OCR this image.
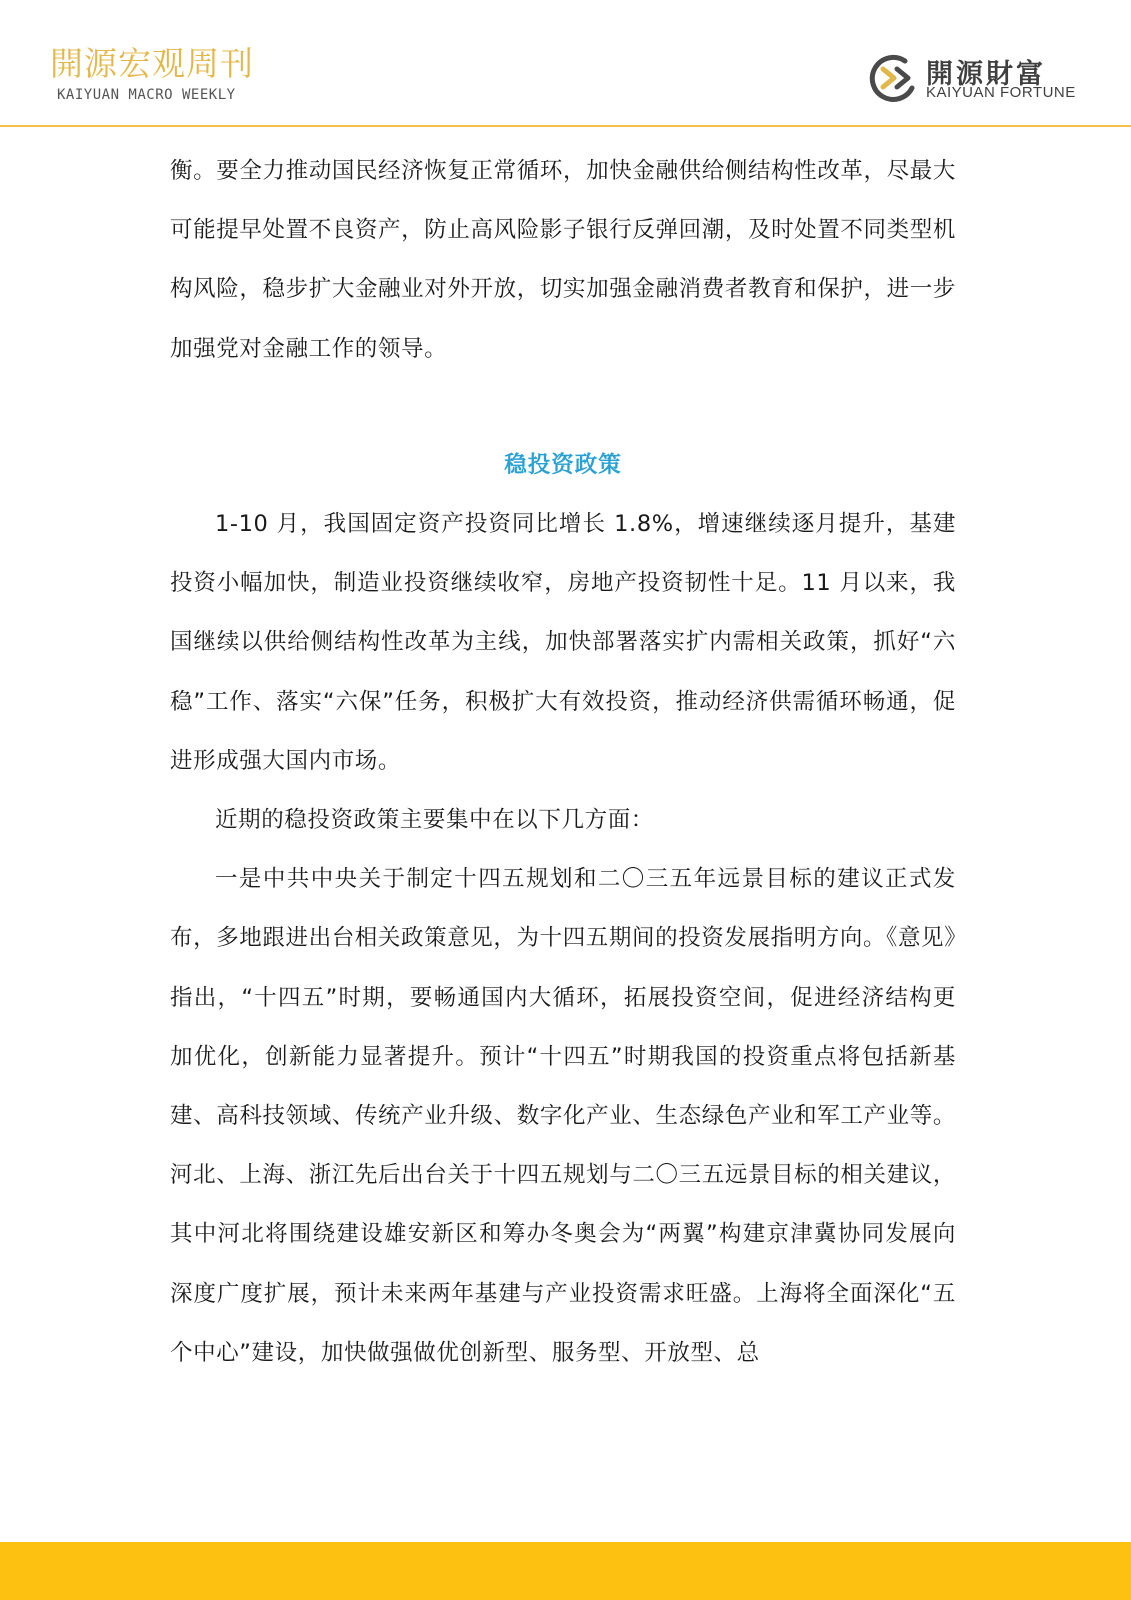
開源宏观周刊
KAIYUAN MACRO WEEKLY
開源財富
KAIYUAN FORTUNE

衡。要全力推动国民经济恢复正常循环，加快金融供给侧结构性改革，尽最大可能提早处置不良资产，防止高风险影子银行反弹回潮，及时处置不同类型机构风险，稳步扩大金融业对外开放，切实加强金融消费者教育和保护，进一步加强党对金融工作的领导。

稳投资政策

1-10 月，我国固定资产投资同比增长 1.8%，增速继续逐月提升，基建投资小幅加快，制造业投资继续收窄，房地产投资韧性十足。11 月以来，我国继续以供给侧结构性改革为主线，加快部署落实扩内需相关政策，抓好“六稳”工作、落实“六保”任务，积极扩大有效投资，推动经济供需循环畅通，促进形成强大国内市场。

近期的稳投资政策主要集中在以下几方面：

一是中共中央关于制定十四五规划和二〇三五年远景目标的建议正式发布，多地跟进出台相关政策意见，为十四五期间的投资发展指明方向。《意见》指出，“十四五”时期，要畅通国内大循环，拓展投资空间，促进经济结构更加优化，创新能力显著提升。预计“十四五”时期我国的投资重点将包括新基建、高科技领域、传统产业升级、数字化产业、生态绿色产业和军工产业等。河北、上海、浙江先后出台关于十四五规划与二〇三五远景目标的相关建议，其中河北将围绕建设雄安新区和筹办冬奥会为“两翼”构建京津冀协同发展向深度广度扩展，预计未来两年基建与产业投资需求旺盛。上海将全面深化“五个中心”建设，加快做强做优创新型、服务型、开放型、总
